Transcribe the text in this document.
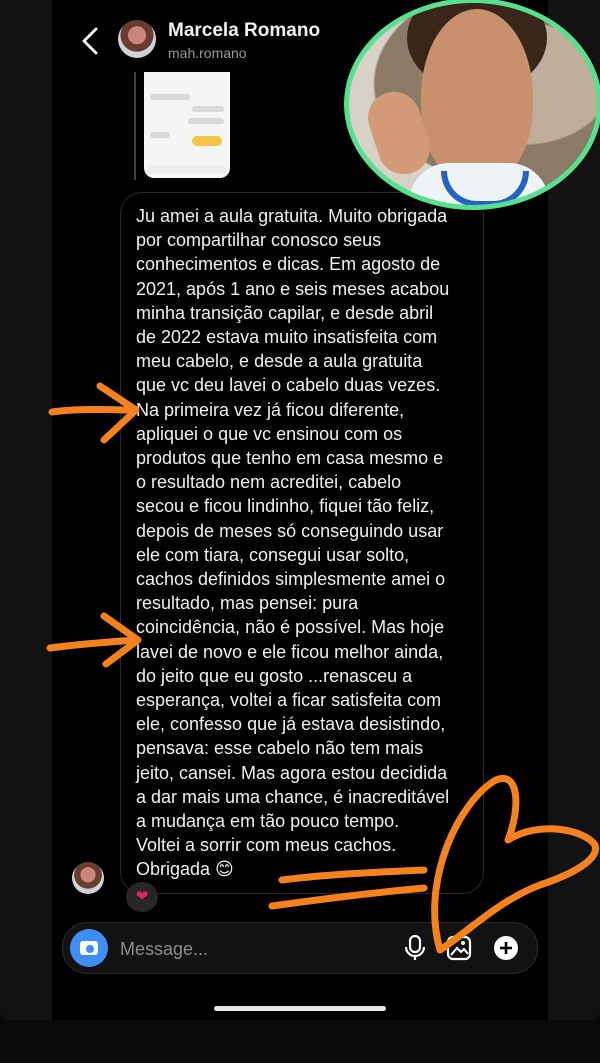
Marcela Romano
mah.romano
Ju amei a aula gratuita. Muito obrigada
por compartilhar conosco seus
conhecimentos e dicas. Em agosto de
2021, após 1 ano e seis meses acabou
minha transição capilar, e desde abril
de 2022 estava muito insatisfeita com
meu cabelo, e desde a aula gratuita
que vc deu lavei o cabelo duas vezes.
Na primeira vez já ficou diferente,
apliquei o que vc ensinou com os
produtos que tenho em casa mesmo e
o resultado nem acreditei, cabelo
secou e ficou lindinho, fiquei tão feliz,
depois de meses só conseguindo usar
ele com tiara, consegui usar solto,
cachos definidos simplesmente amei o
resultado, mas pensei: pura
coincidência, não é possível. Mas hoje
lavei de novo e ele ficou melhor ainda,
do jeito que eu gosto ...renasceu a
esperança, voltei a ficar satisfeita com
ele, confesso que já estava desistindo,
pensava: esse cabelo não tem mais
jeito, cansei. Mas agora estou decidida
a dar mais uma chance, é inacreditável
a mudança em tão pouco tempo.
Voltei a sorrir com meus cachos.
Obrigada 😊
❤
Message...
